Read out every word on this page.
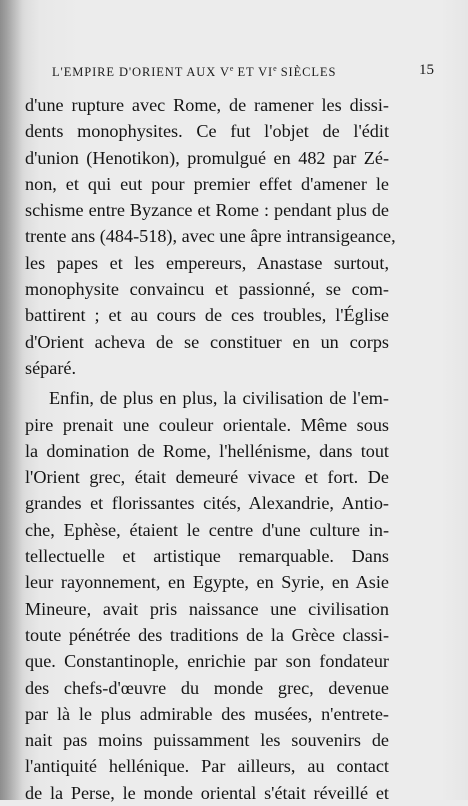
L'EMPIRE D'ORIENT AUX Ve ET VIe SIÈCLES	15
d'une rupture avec Rome, de ramener les dissi-
dents monophysites. Ce fut l'objet de l'édit
d'union (Henotikon), promulgué en 482 par Zé-
non, et qui eut pour premier effet d'amener le
schisme entre Byzance et Rome : pendant plus de
trente ans (484-518), avec une âpre intransigeance,
les papes et les empereurs, Anastase surtout,
monophysite convaincu et passionné, se com-
battirent ; et au cours de ces troubles, l'Église
d'Orient acheva de se constituer en un corps
séparé.
Enfin, de plus en plus, la civilisation de l'em-
pire prenait une couleur orientale. Même sous
la domination de Rome, l'hellénisme, dans tout
l'Orient grec, était demeuré vivace et fort. De
grandes et florissantes cités, Alexandrie, Antio-
che, Ephèse, étaient le centre d'une culture in-
tellectuelle et artistique remarquable. Dans
leur rayonnement, en Egypte, en Syrie, en Asie
Mineure, avait pris naissance une civilisation
toute pénétrée des traditions de la Grèce classi-
que. Constantinople, enrichie par son fondateur
des chefs-d'œuvre du monde grec, devenue
par là le plus admirable des musées, n'entrete-
nait pas moins puissamment les souvenirs de
l'antiquité hellénique. Par ailleurs, au contact
de la Perse, le monde oriental s'était réveillé et
